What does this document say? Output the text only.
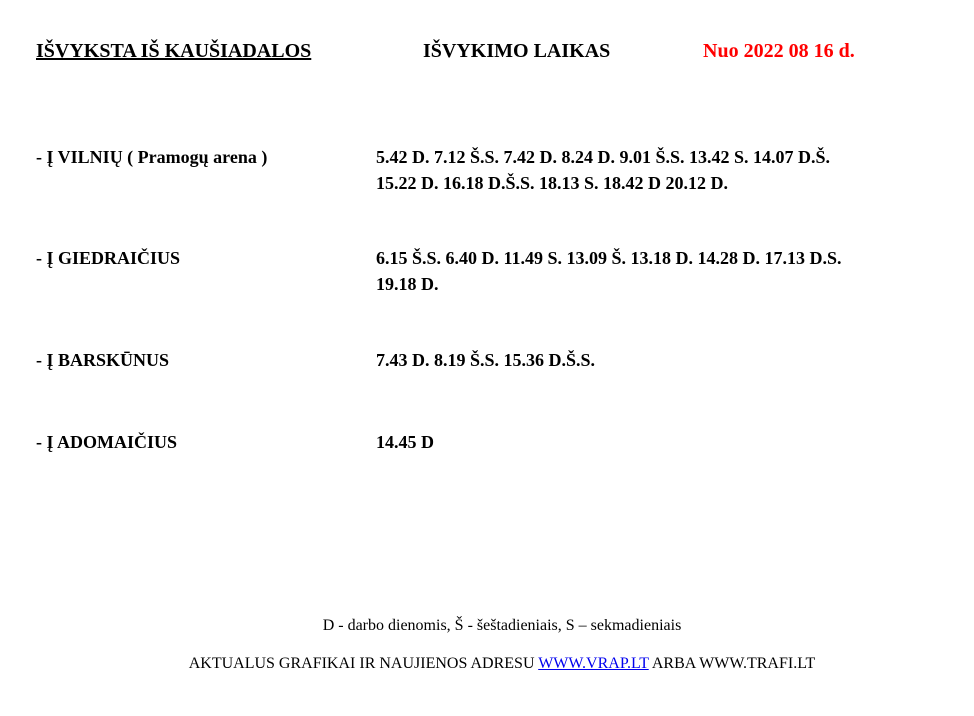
IŠVYKSTA IŠ KAUŠIADALOS	IŠVYKIMO LAIKAS	Nuo 2022 08 16 d.
- Į VILNIŲ ( Pramogų arena )	5.42 D. 7.12 Š.S. 7.42 D. 8.24 D. 9.01 Š.S. 13.42 S. 14.07 D.Š.
15.22 D. 16.18 D.Š.S. 18.13 S. 18.42 D 20.12 D.
- Į GIEDRAIČIUS	6.15 Š.S. 6.40 D. 11.49 S. 13.09 Š. 13.18 D. 14.28 D. 17.13 D.S.
19.18 D.
- Į BARSKŪNUS	7.43 D. 8.19 Š.S. 15.36 D.Š.S.
- Į ADOMAIČIUS	14.45 D
D - darbo dienomis, Š - šeštadieniais, S – sekmadieniais
AKTUALUS GRAFIKAI IR NAUJIENOS ADRESU WWW.VRAP.LT ARBA WWW.TRAFI.LT
